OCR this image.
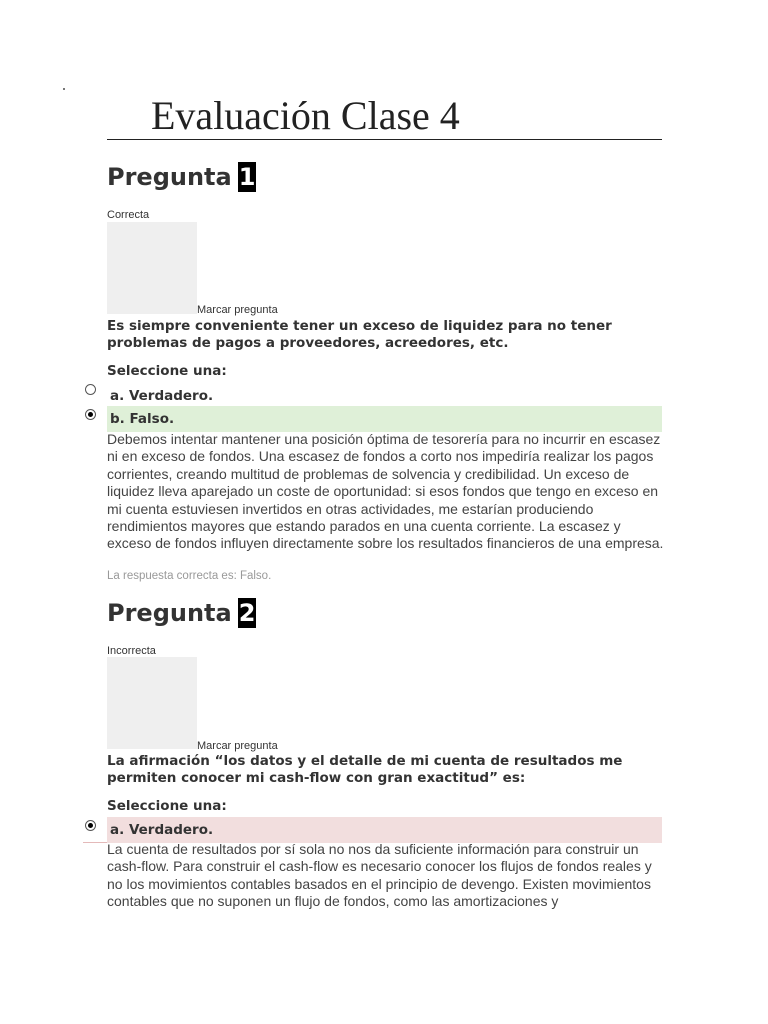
Evaluación Clase 4
Pregunta 1
Correcta
Marcar pregunta
Es siempre conveniente tener un exceso de liquidez para no tener problemas de pagos a proveedores, acreedores, etc.
Seleccione una:
a. Verdadero.
b. Falso.
Debemos intentar mantener una posición óptima de tesorería para no incurrir en escasez ni en exceso de fondos. Una escasez de fondos a corto nos impediría realizar los pagos corrientes, creando multitud de problemas de solvencia y credibilidad. Un exceso de liquidez lleva aparejado un coste de oportunidad: si esos fondos que tengo en exceso en mi cuenta estuviesen invertidos en otras actividades, me estarían produciendo rendimientos mayores que estando parados en una cuenta corriente. La escasez y exceso de fondos influyen directamente sobre los resultados financieros de una empresa.
La respuesta correcta es: Falso.
Pregunta 2
Incorrecta
Marcar pregunta
La afirmación “los datos y el detalle de mi cuenta de resultados me permiten conocer mi cash-flow con gran exactitud” es:
Seleccione una:
a. Verdadero.
La cuenta de resultados por sí sola no nos da suficiente información para construir un cash-flow. Para construir el cash-flow es necesario conocer los flujos de fondos reales y no los movimientos contables basados en el principio de devengo. Existen movimientos contables que no suponen un flujo de fondos, como las amortizaciones y
